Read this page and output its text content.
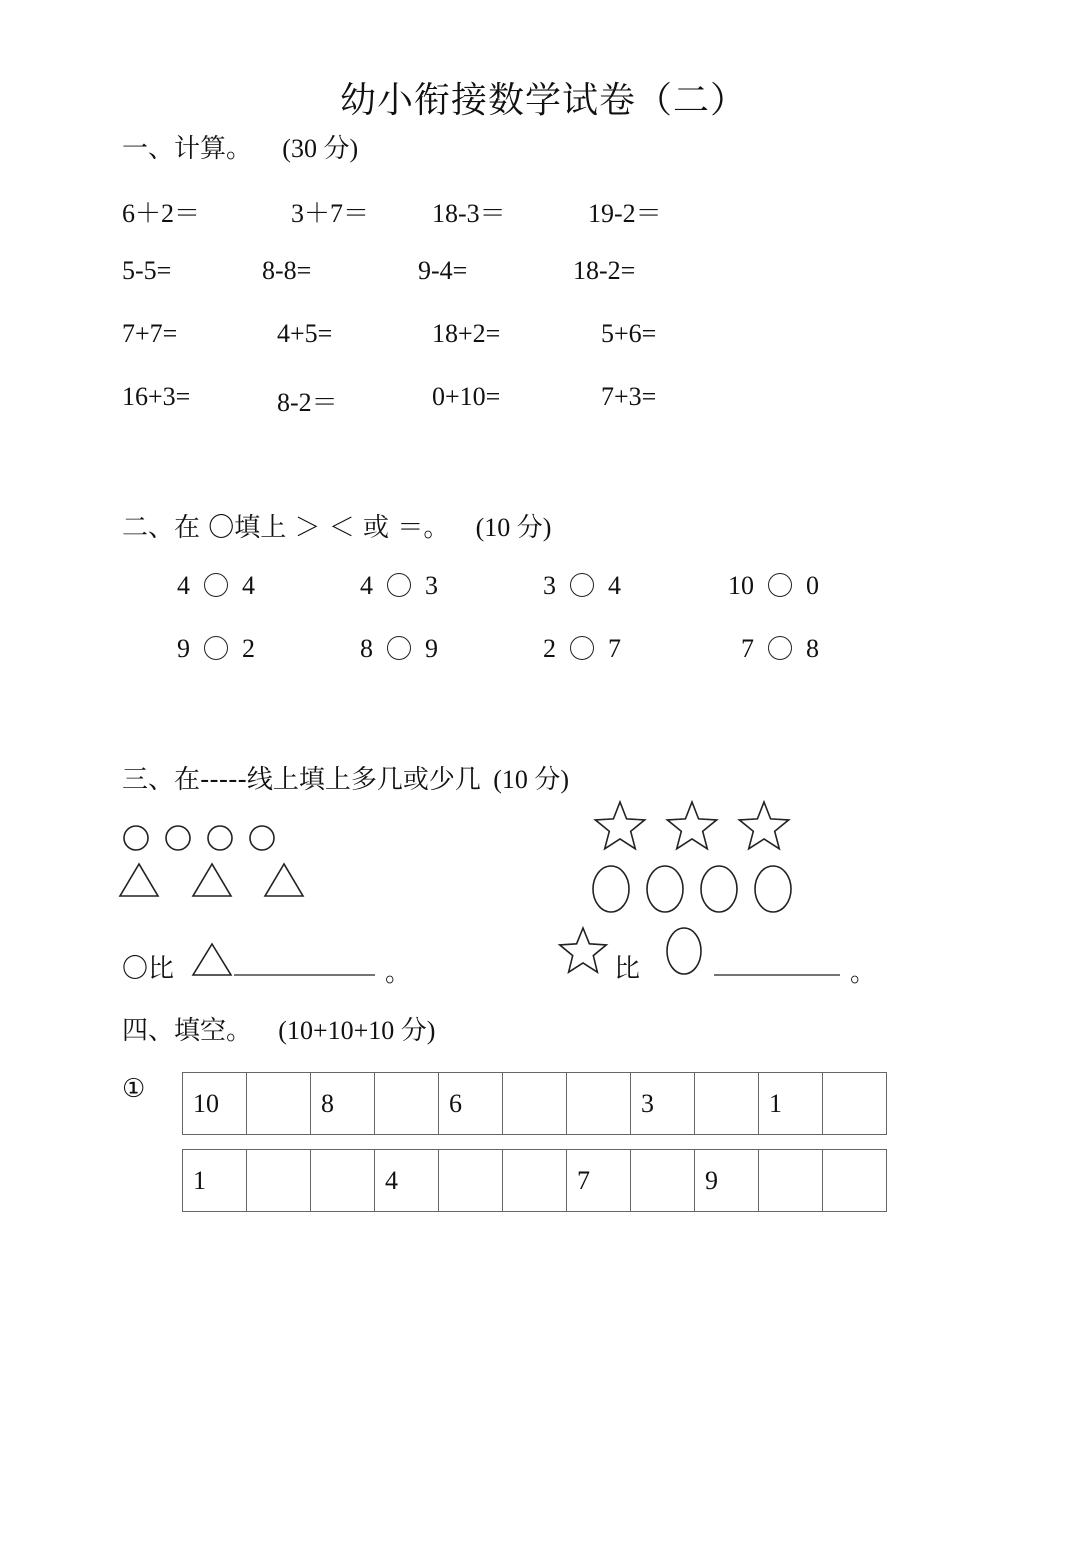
幼小衔接数学试卷（二）
一、计算。 (30 分)
6＋2＝	3＋7＝ 18-3＝	19-2＝
5-5=	8-8=	9-4=	18-2=
7+7=	4+5=	18+2=	5+6=
16+3=	8-2＝	0+10=	7+3=
二、在 〇填上 ＞ ＜ 或 ＝。 (10 分)
4 4	4 3	3 4	10 0
9 2	8 9	2 7	7 8
三、在-----线上填上多几或少几 (10 分)
〇比	。	比	。
四、填空。 (10+10+10 分)
① 10		8		6			3		1	
1			4			7		9		
